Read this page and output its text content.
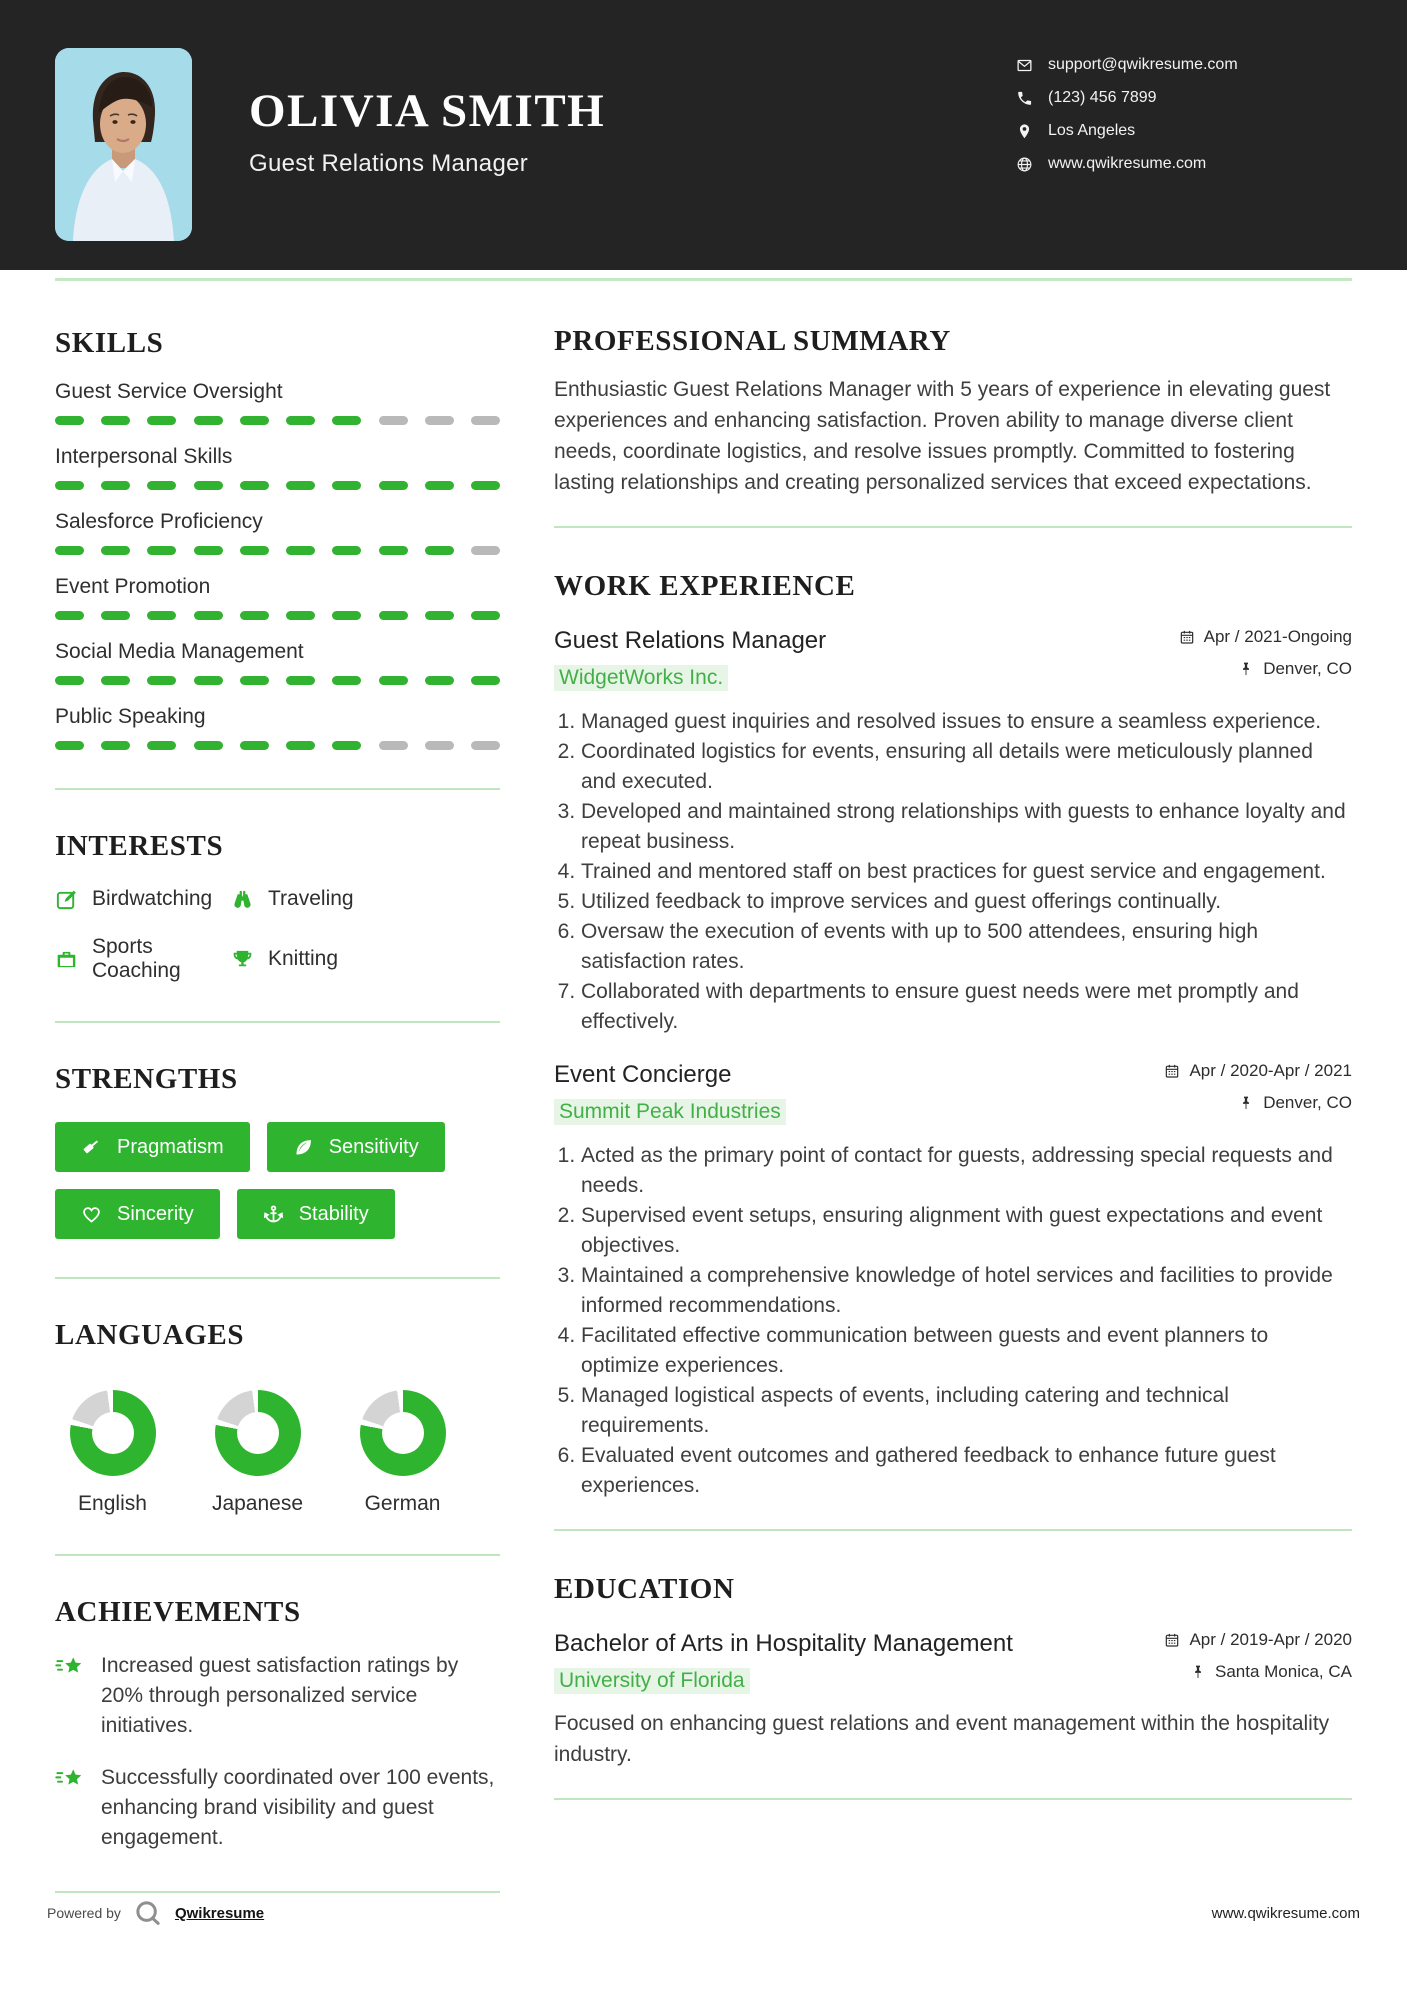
OLIVIA SMITH
Guest Relations Manager
support@qwikresume.com
(123) 456 7899
Los Angeles
www.qwikresume.com
SKILLS
Guest Service Oversight
Interpersonal Skills
Salesforce Proficiency
Event Promotion
Social Media Management
Public Speaking
INTERESTS
Birdwatching	Traveling
Sports Coaching
Knitting
STRENGTHS
Pragmatism	Sensitivity
Sincerity	Stability
LANGUAGES
English	Japanese	German
ACHIEVEMENTS

Increased guest satisfaction ratings by 20% through personalized service initiatives.

Successfully coordinated over 100 events, enhancing brand visibility and guest engagement.

PROFESSIONAL SUMMARY

Enthusiastic Guest Relations Manager with 5 years of experience in elevating guest experiences and enhancing satisfaction. Proven ability to manage diverse client needs, coordinate logistics, and resolve issues promptly. Committed to fostering lasting relationships and creating personalized services that exceed expectations.

WORK EXPERIENCE
Guest Relations Manager
WidgetWorks Inc.
Apr / 2021-Ongoing
Denver, CO
1. Managed guest inquiries and resolved issues to ensure a seamless experience.
2. Coordinated logistics for events, ensuring all details were meticulously planned and executed.
3. Developed and maintained strong relationships with guests to enhance loyalty and repeat business.
4. Trained and mentored staff on best practices for guest service and engagement.
5. Utilized feedback to improve services and guest offerings continually.
6. Oversaw the execution of events with up to 500 attendees, ensuring high satisfaction rates.
7. Collaborated with departments to ensure guest needs were met promptly and effectively.
Event Concierge
Summit Peak Industries
Apr / 2020-Apr / 2021
Denver, CO
1. Acted as the primary point of contact for guests, addressing special requests and needs.
2. Supervised event setups, ensuring alignment with guest expectations and event objectives.
3. Maintained a comprehensive knowledge of hotel services and facilities to provide informed recommendations.
4. Facilitated effective communication between guests and event planners to optimize experiences.
5. Managed logistical aspects of events, including catering and technical requirements.
6. Evaluated event outcomes and gathered feedback to enhance future guest experiences.
EDUCATION
Bachelor of Arts in Hospitality Management
University of Florida
Apr / 2019-Apr / 2020
Santa Monica, CA

Focused on enhancing guest relations and event management within the hospitality industry.

Powered by	Qwikresume	www.qwikresume.com
